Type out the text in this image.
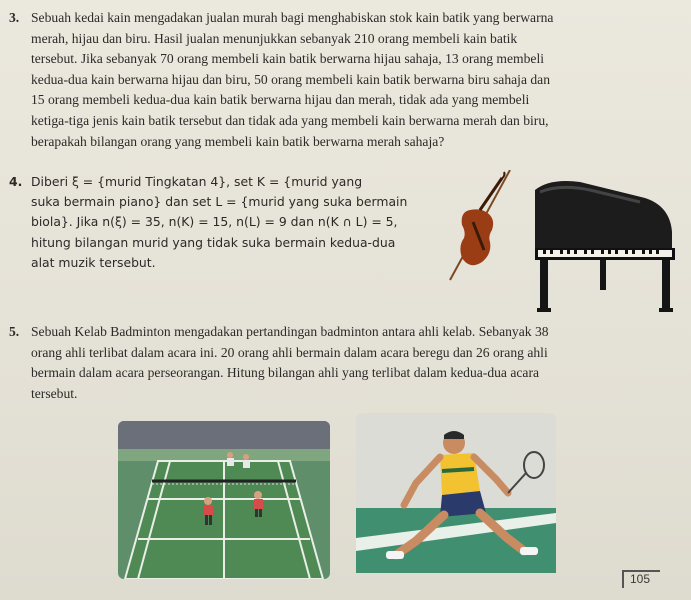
3. Sebuah kedai kain mengadakan jualan murah bagi menghabiskan stok kain batik yang berwarna

merah, hijau dan biru. Hasil jualan menunjukkan sebanyak 210 orang membeli kain batik

tersebut. Jika sebanyak 70 orang membeli kain batik berwarna hijau sahaja, 13 orang membeli

kedua-dua kain berwarna hijau dan biru, 50 orang membeli kain batik berwarna biru sahaja dan

15 orang membeli kedua-dua kain batik berwarna hijau dan merah, tidak ada yang membeli

ketiga-tiga jenis kain batik tersebut dan tidak ada yang membeli kain berwarna merah dan biru,

berapakah bilangan orang yang membeli kain batik berwarna merah sahaja?

4. Diberi ξ = {murid Tingkatan 4}, set K = {murid yang

suka bermain piano} dan set L = {murid yang suka bermain

biola}. Jika n(ξ) = 35, n(K) = 15, n(L) = 9 dan n(K ∩ L) = 5,

hitung bilangan murid yang tidak suka bermain kedua-dua

alat muzik tersebut.

5. Sebuah Kelab Badminton mengadakan pertandingan badminton antara ahli kelab. Sebanyak 38

orang ahli terlibat dalam acara ini. 20 orang ahli bermain dalam acara beregu dan 26 orang ahli

bermain dalam acara perseorangan. Hitung bilangan ahli yang terlibat dalam kedua-dua acara

tersebut.

105
